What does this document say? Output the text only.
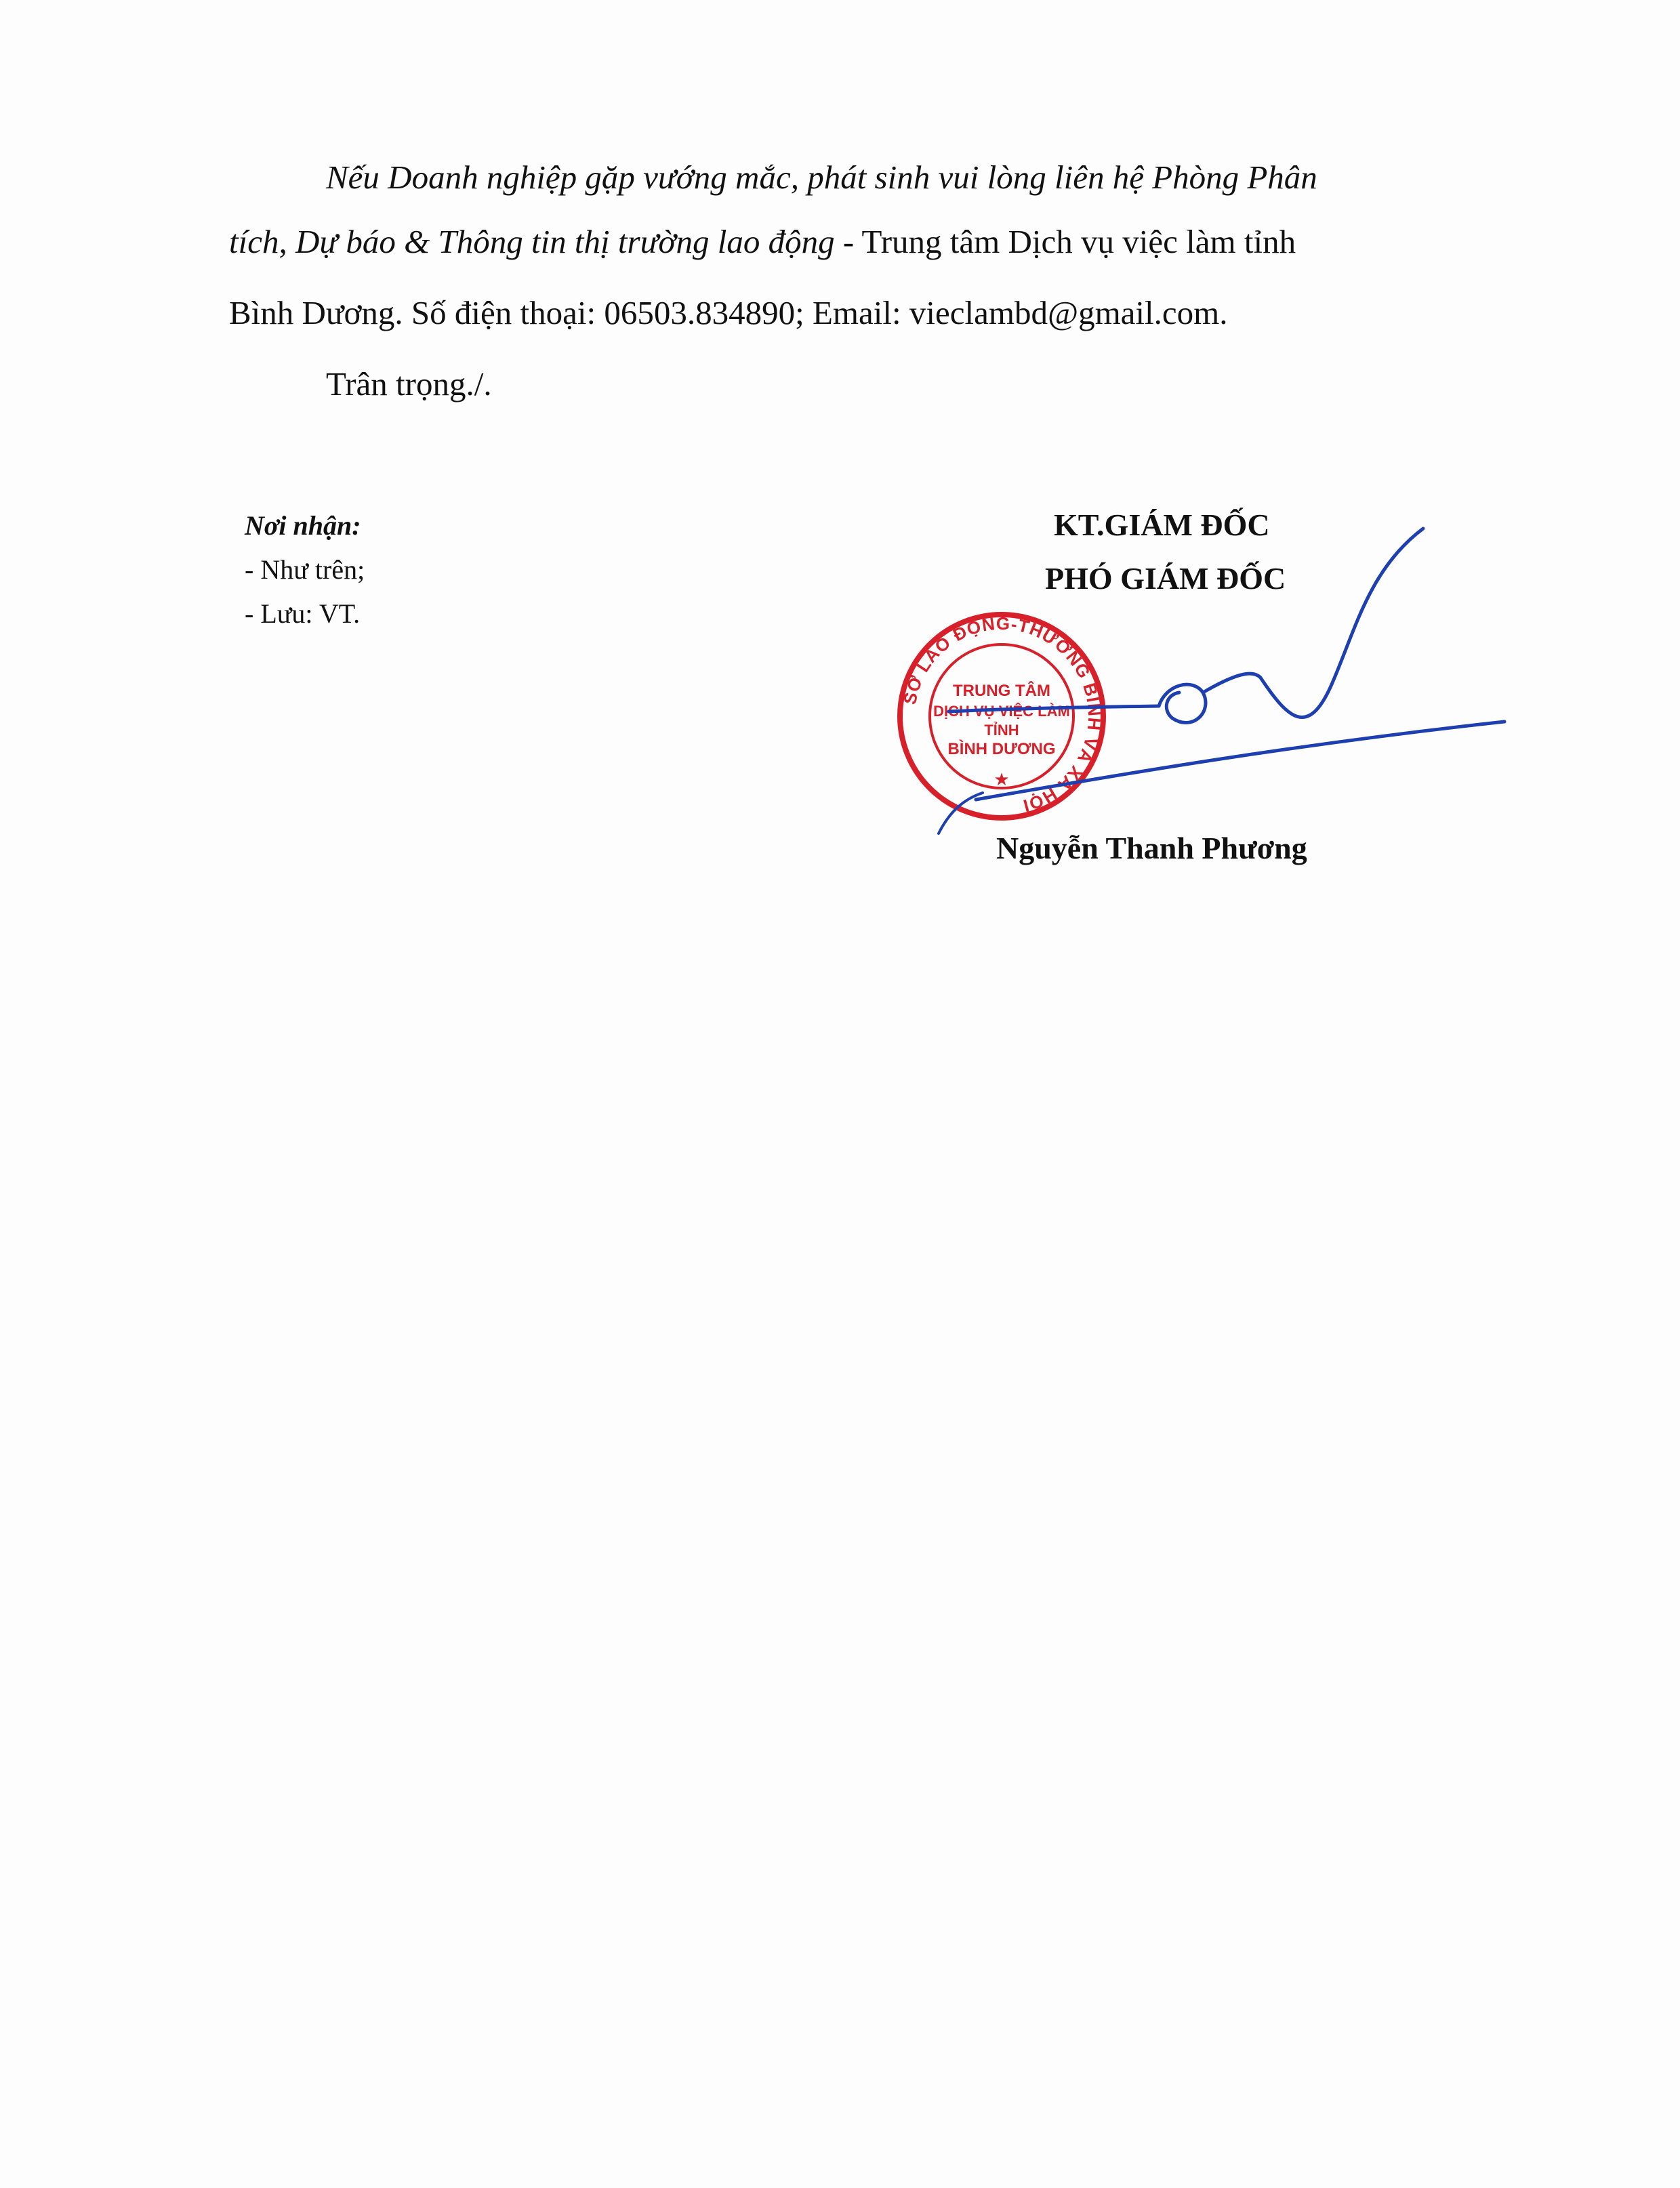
Nếu Doanh nghiệp gặp vướng mắc, phát sinh vui lòng liên hệ Phòng Phân
tích, Dự báo & Thông tin thị trường lao động - Trung tâm Dịch vụ việc làm tỉnh
Bình Dương. Số điện thoại: 06503.834890; Email: vieclambd@gmail.com.
Trân trọng./.
Nơi nhận:
- Như trên;
- Lưu: VT.
KT.GIÁM ĐỐC
PHÓ GIÁM ĐỐC
SỞ LAO ĐỘNG-THƯƠNG BINH VÀ XÃ HỘI
TRUNG TÂM
DỊCH VỤ VIỆC LÀM
TỈNH
BÌNH DƯƠNG
★
Nguyễn Thanh Phương
